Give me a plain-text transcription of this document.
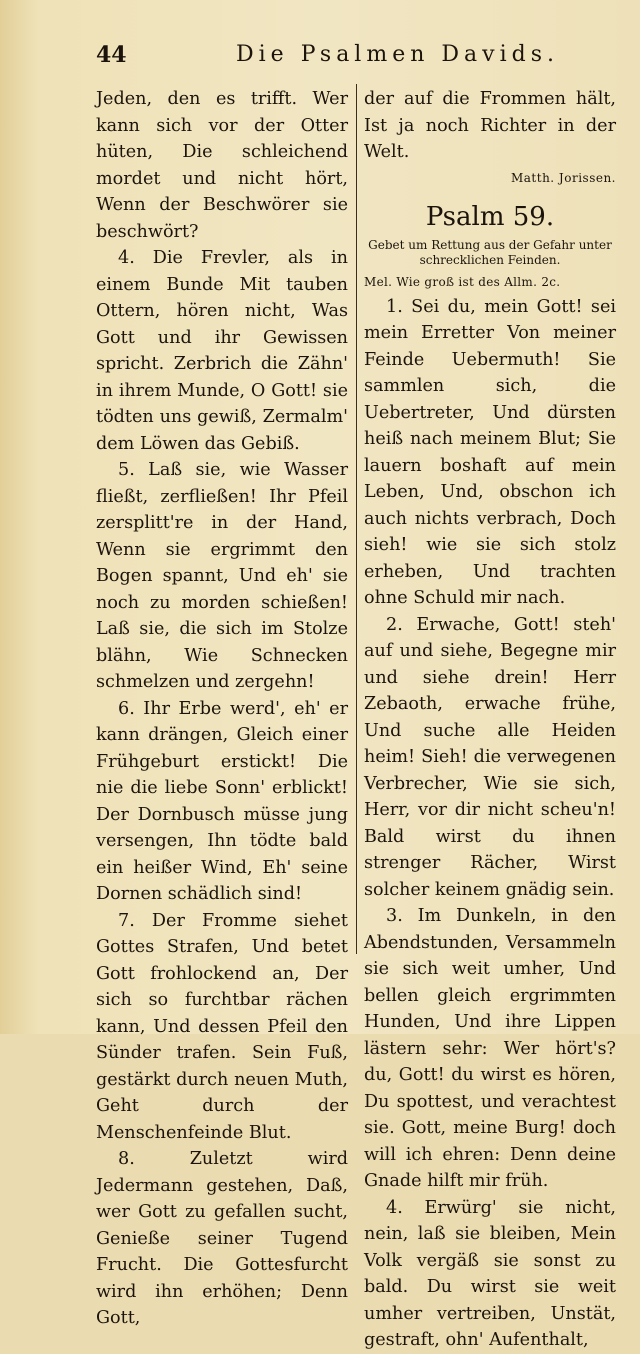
44	Die Psalmen Davids.

Jeden, den es trifft. Wer kann sich vor der Otter hüten, Die schleichend mordet und nicht hört, Wenn der Beschwörer sie beschwört?

4. Die Frevler, als in einem Bunde Mit tauben Ottern, hören nicht, Was Gott und ihr Gewissen spricht. Zerbrich die Zähn' in ihrem Munde, O Gott! sie tödten uns gewiß, Zermalm' dem Löwen das Gebiß.

5. Laß sie, wie Wasser fließt, zerfließen! Ihr Pfeil zersplitt're in der Hand, Wenn sie ergrimmt den Bogen spannt, Und eh' sie noch zu morden schießen! Laß sie, die sich im Stolze blähn, Wie Schnecken schmelzen und zergehn!

6. Ihr Erbe werd', eh' er kann drängen, Gleich einer Frühgeburt erstickt! Die nie die liebe Sonn' erblickt! Der Dornbusch müsse jung versengen, Ihn tödte bald ein heißer Wind, Eh' seine Dornen schädlich sind!

7. Der Fromme siehet Gottes Strafen, Und betet Gott frohlockend an, Der sich so furchtbar rächen kann, Und dessen Pfeil den Sünder trafen. Sein Fuß, gestärkt durch neuen Muth, Geht durch der Menschenfeinde Blut.

8. Zuletzt wird Jedermann gestehen, Daß, wer Gott zu gefallen sucht, Genieße seiner Tugend Frucht. Die Gottesfurcht wird ihn erhöhen; Denn Gott,

der auf die Frommen hält, Ist ja noch Richter in der Welt.

Matth. Jorissen.

Psalm 59.

Gebet um Rettung aus der Gefahr unter schrecklichen Feinden.

Mel. Wie groß ist des Allm. 2c.

1. Sei du, mein Gott! sei mein Erretter Von meiner Feinde Uebermuth! Sie sammlen sich, die Uebertreter, Und dürsten heiß nach meinem Blut; Sie lauern boshaft auf mein Leben, Und, obschon ich auch nichts verbrach, Doch sieh! wie sie sich stolz erheben, Und trachten ohne Schuld mir nach.

2. Erwache, Gott! steh' auf und siehe, Begegne mir und siehe drein! Herr Zebaoth, erwache frühe, Und suche alle Heiden heim! Sieh! die verwegenen Verbrecher, Wie sie sich, Herr, vor dir nicht scheu'n! Bald wirst du ihnen strenger Rächer, Wirst solcher keinem gnädig sein.

3. Im Dunkeln, in den Abendstunden, Versammeln sie sich weit umher, Und bellen gleich ergrimmten Hunden, Und ihre Lippen lästern sehr: Wer hört's? du, Gott! du wirst es hören, Du spottest, und verachtest sie. Gott, meine Burg! doch will ich ehren: Denn deine Gnade hilft mir früh.

4. Erwürg' sie nicht, nein, laß sie bleiben, Mein Volk vergäß sie sonst zu bald. Du wirst sie weit umher vertreiben, Unstät, gestraft, ohn' Aufenthalt,
